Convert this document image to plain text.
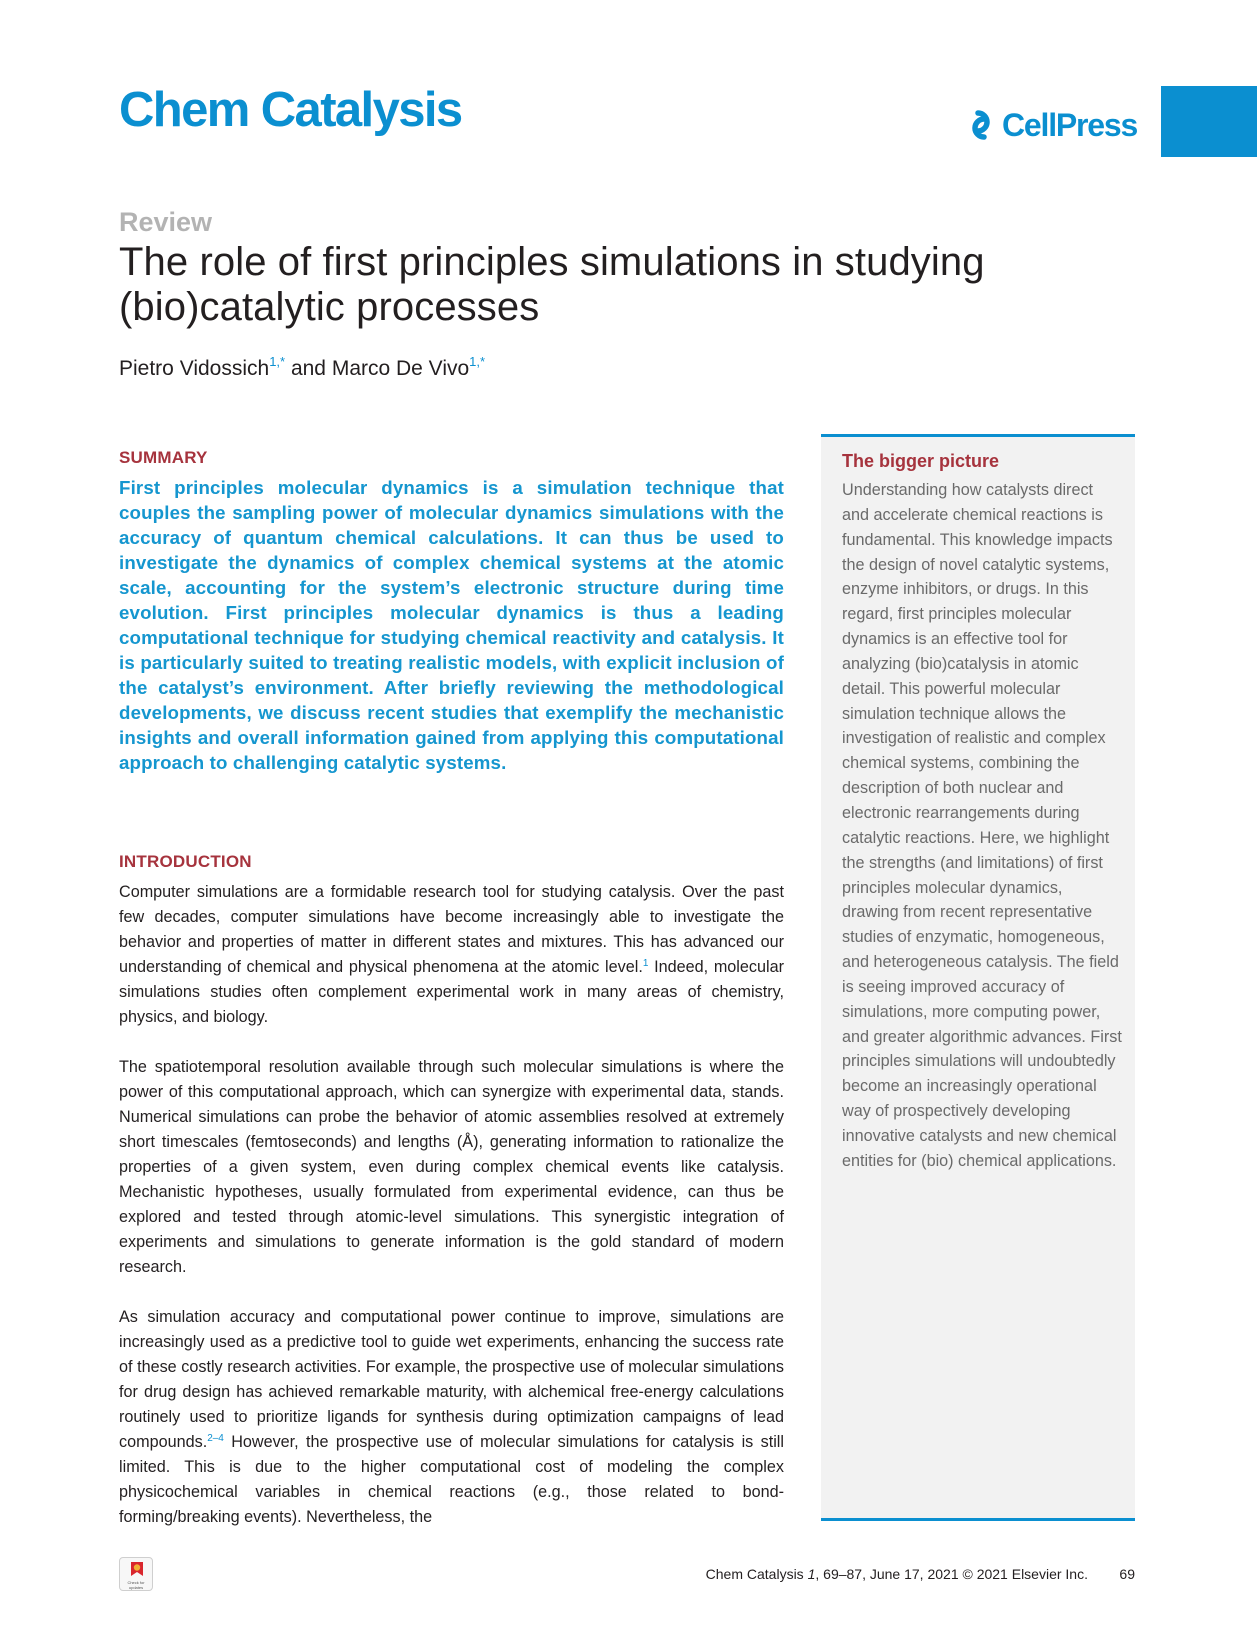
Chem Catalysis	CellPress
Review
The role of first principles simulations in studying (bio)catalytic processes
Pietro Vidossich$^{1,*}$ and Marco De Vivo$^{1,*}$
SUMMARY

First principles molecular dynamics is a simulation technique that couples the sampling power of molecular dynamics simulations with the accuracy of quantum chemical calculations. It can thus be used to investigate the dynamics of complex chemical systems at the atomic scale, accounting for the system’s electronic structure during time evolution. First principles molecular dynamics is thus a leading computational technique for studying chemical reactivity and catalysis. It is particularly suited to treating realistic models, with explicit inclusion of the catalyst’s environment. After briefly reviewing the methodological developments, we discuss recent studies that exemplify the mechanistic insights and overall information gained from applying this computational approach to challenging catalytic systems.

INTRODUCTION

Computer simulations are a formidable research tool for studying catalysis. Over the past few decades, computer simulations have become increasingly able to investigate the behavior and properties of matter in different states and mixtures. This has advanced our understanding of chemical and physical phenomena at the atomic level.$^1$ Indeed, molecular simulations studies often complement experimental work in many areas of chemistry, physics, and biology.

The spatiotemporal resolution available through such molecular simulations is where the power of this computational approach, which can synergize with experimental data, stands. Numerical simulations can probe the behavior of atomic assemblies resolved at extremely short timescales (femtoseconds) and lengths (Å), generating information to rationalize the properties of a given system, even during complex chemical events like catalysis. Mechanistic hypotheses, usually formulated from experimental evidence, can thus be explored and tested through atomic-level simulations. This synergistic integration of experiments and simulations to generate information is the gold standard of modern research.

As simulation accuracy and computational power continue to improve, simulations are increasingly used as a predictive tool to guide wet experiments, enhancing the success rate of these costly research activities. For example, the prospective use of molecular simulations for drug design has achieved remarkable maturity, with alchemical free-energy calculations routinely used to prioritize ligands for synthesis during optimization campaigns of lead compounds.$^{2-4}$ However, the prospective use of molecular simulations for catalysis is still limited. This is due to the higher computational cost of modeling the complex physicochemical variables in chemical reactions (e.g., those related to bond-forming/breaking events). Nevertheless, the

The bigger picture

Understanding how catalysts direct and accelerate chemical reactions is fundamental. This knowledge impacts the design of novel catalytic systems, enzyme inhibitors, or drugs. In this regard, first principles molecular dynamics is an effective tool for analyzing (bio)catalysis in atomic detail. This powerful molecular simulation technique allows the investigation of realistic and complex chemical systems, combining the description of both nuclear and electronic rearrangements during catalytic reactions. Here, we highlight the strengths (and limitations) of first principles molecular dynamics, drawing from recent representative studies of enzymatic, homogeneous, and heterogeneous catalysis. The field is seeing improved accuracy of simulations, more computing power, and greater algorithmic advances. First principles simulations will undoubtedly become an increasingly operational way of prospectively developing innovative catalysts and new chemical entities for (bio) chemical applications.

Check for updates
Chem Catalysis 1, 69–87, June 17, 2021 © 2021 Elsevier Inc. 69
